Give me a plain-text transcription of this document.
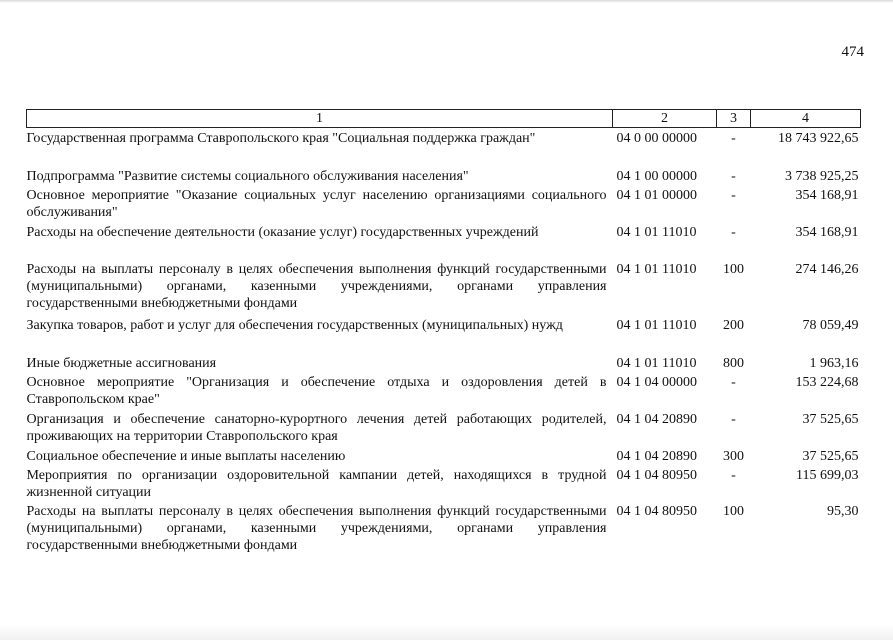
474
1	2	3	4
Государственная программа Ставропольского края "Социальная поддержка граждан"	04 0 00 00000	-	18 743 922,65
Подпрограмма "Развитие системы социального обслуживания населения"	04 1 00 00000	-	3 738 925,25
Основное мероприятие "Оказание социальных услуг населению организациями социального обслуживания"	04 1 01 00000	-	354 168,91
Расходы на обеспечение деятельности (оказание услуг) государственных учреждений	04 1 01 11010	-	354 168,91
Расходы на выплаты персоналу в целях обеспечения выполнения функций государственными (муниципальными) органами, казенными учреждениями, органами управления государственными внебюджетными фондами	04 1 01 11010	100	274 146,26
Закупка товаров, работ и услуг для обеспечения государственных (муниципальных) нужд	04 1 01 11010	200	78 059,49
Иные бюджетные ассигнования	04 1 01 11010	800	1 963,16
Основное мероприятие "Организация и обеспечение отдыха и оздоровления детей в Ставропольском крае"	04 1 04 00000	-	153 224,68
Организация и обеспечение санаторно-курортного лечения детей работающих родителей, проживающих на территории Ставропольского края	04 1 04 20890	-	37 525,65
Социальное обеспечение и иные выплаты населению	04 1 04 20890	300	37 525,65
Мероприятия по организации оздоровительной кампании детей, находящихся в трудной жизненной ситуации	04 1 04 80950	-	115 699,03
Расходы на выплаты персоналу в целях обеспечения выполнения функций государственными (муниципальными) органами, казенными учреждениями, органами управления государственными внебюджетными фондами	04 1 04 80950	100	95,30
